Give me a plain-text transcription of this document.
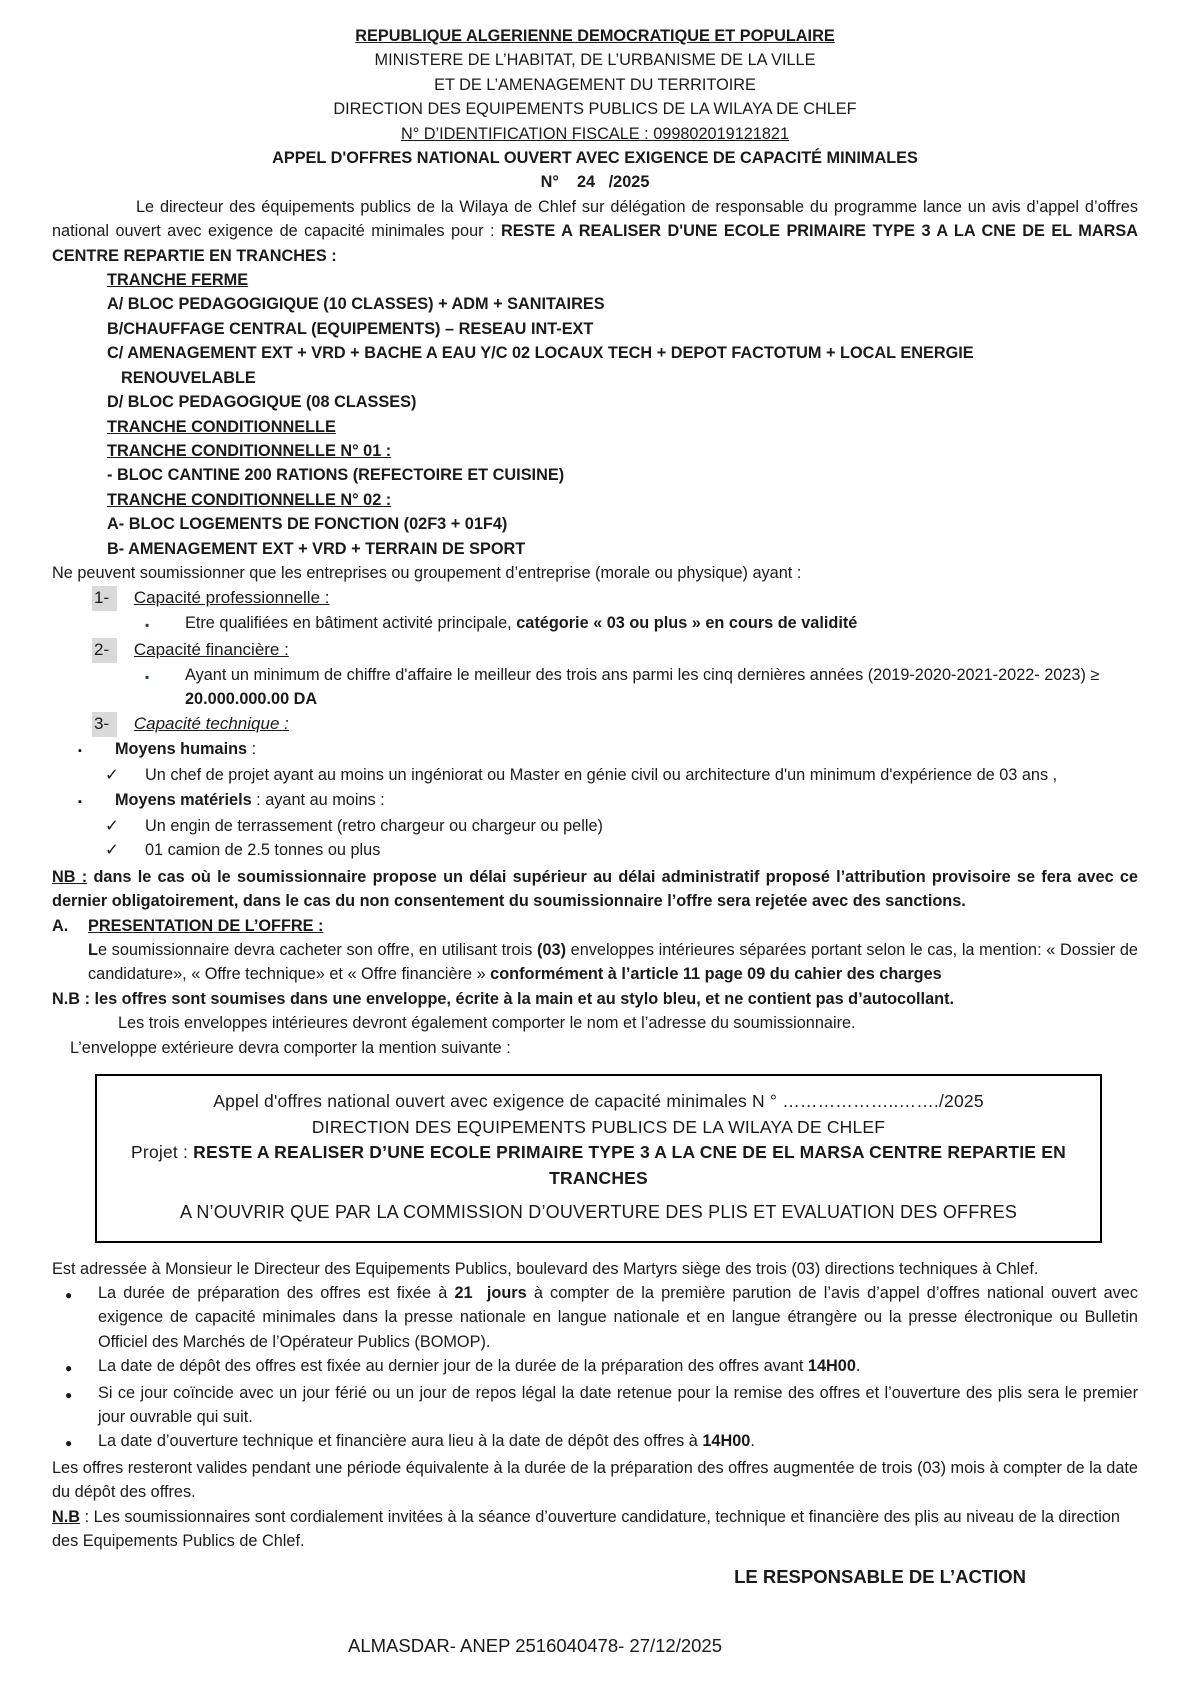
REPUBLIQUE ALGERIENNE DEMOCRATIQUE ET POPULAIRE
MINISTERE DE L’HABITAT, DE L’URBANISME DE LA VILLE
ET DE L’AMENAGEMENT DU TERRITOIRE
DIRECTION DES EQUIPEMENTS PUBLICS DE LA WILAYA DE CHLEF
N° D’IDENTIFICATION FISCALE : 099802019121821
APPEL D'OFFRES NATIONAL OUVERT AVEC EXIGENCE DE CAPACITÉ MINIMALES
N°    24   /2025
Le directeur des équipements publics de la Wilaya de Chlef sur délégation de responsable du programme lance un avis d’appel d’offres national ouvert avec exigence de capacité minimales pour : RESTE A REALISER D'UNE ECOLE PRIMAIRE TYPE 3 A LA CNE DE EL MARSA CENTRE REPARTIE EN TRANCHES :
TRANCHE FERME
A/ BLOC PEDAGOGIGIQUE (10 CLASSES) + ADM + SANITAIRES
B/CHAUFFAGE CENTRAL (EQUIPEMENTS) – RESEAU INT-EXT
C/ AMENAGEMENT EXT + VRD + BACHE A EAU Y/C 02 LOCAUX TECH + DEPOT FACTOTUM + LOCAL ENERGIE
RENOUVELABLE
D/ BLOC PEDAGOGIQUE (08 CLASSES)
TRANCHE CONDITIONNELLE
TRANCHE CONDITIONNELLE N° 01 :
- BLOC CANTINE 200 RATIONS (REFECTOIRE ET CUISINE)
TRANCHE CONDITIONNELLE N° 02 :
A- BLOC LOGEMENTS DE FONCTION (02F3 + 01F4)
B- AMENAGEMENT EXT + VRD + TERRAIN DE SPORT
Ne peuvent soumissionner que les entreprises ou groupement d’entreprise (morale ou physique) ayant :
1- Capacité professionnelle :
▪	Etre qualifiées en bâtiment activité principale, catégorie « 03 ou plus » en cours de validité
2- Capacité financière :
▪	Ayant un minimum de chiffre d'affaire le meilleur des trois ans parmi les cinq dernières années (2019-2020-2021-2022- 2023) ≥ 20.000.000.00 DA
3- Capacité technique :
▪	Moyens humains :
✓	Un chef de projet ayant au moins un ingéniorat ou Master en génie civil ou architecture d'un minimum d'expérience de 03 ans ,
▪	Moyens matériels : ayant au moins :
✓	Un engin de terrassement (retro chargeur ou chargeur ou pelle)
✓	01 camion de 2.5 tonnes ou plus
NB : dans le cas où le soumissionnaire propose un délai supérieur au délai administratif proposé l’attribution provisoire se fera avec ce dernier obligatoirement, dans le cas du non consentement du soumissionnaire l’offre sera rejetée avec des sanctions.
A.	PRESENTATION DE L’OFFRE :
Le soumissionnaire devra cacheter son offre, en utilisant trois (03) enveloppes intérieures séparées portant selon le cas, la mention: « Dossier de candidature», « Offre technique» et « Offre financière » conformément à l’article 11 page 09 du cahier des charges
N.B : les offres sont soumises dans une enveloppe, écrite à la main et au stylo bleu, et ne contient pas d’autocollant.
Les trois enveloppes intérieures devront également comporter le nom et l’adresse du soumissionnaire.
L’enveloppe extérieure devra comporter la mention suivante :
Appel d'offres national ouvert avec exigence de capacité minimales N ° ………………..……./2025
DIRECTION DES EQUIPEMENTS PUBLICS DE LA WILAYA DE CHLEF
Projet : RESTE A REALISER D’UNE ECOLE PRIMAIRE TYPE 3 A LA CNE DE EL MARSA CENTRE REPARTIE EN TRANCHES
A N’OUVRIR QUE PAR LA COMMISSION D’OUVERTURE DES PLIS ET EVALUATION DES OFFRES
Est adressée à Monsieur le Directeur des Equipements Publics, boulevard des Martyrs siège des trois (03) directions techniques à Chlef.
●	La durée de préparation des offres est fixée à 21  jours à compter de la première parution de l’avis d’appel d’offres national ouvert avec exigence de capacité minimales dans la presse nationale en langue nationale et en langue étrangère ou la presse électronique ou Bulletin Officiel des Marchés de l’Opérateur Publics (BOMOP).
●	La date de dépôt des offres est fixée au dernier jour de la durée de la préparation des offres avant 14H00.
●	Si ce jour coïncide avec un jour férié ou un jour de repos légal la date retenue pour la remise des offres et l’ouverture des plis sera le premier jour ouvrable qui suit.
●	La date d’ouverture technique et financière aura lieu à la date de dépôt des offres à 14H00.
Les offres resteront valides pendant une période équivalente à la durée de la préparation des offres augmentée de trois (03) mois à compter de la date du dépôt des offres.
N.B : Les soumissionnaires sont cordialement invitées à la séance d’ouverture candidature, technique et financière des plis au niveau de la direction des Equipements Publics de Chlef.
LE RESPONSABLE DE L’ACTION
ALMASDAR- ANEP 2516040478- 27/12/2025
